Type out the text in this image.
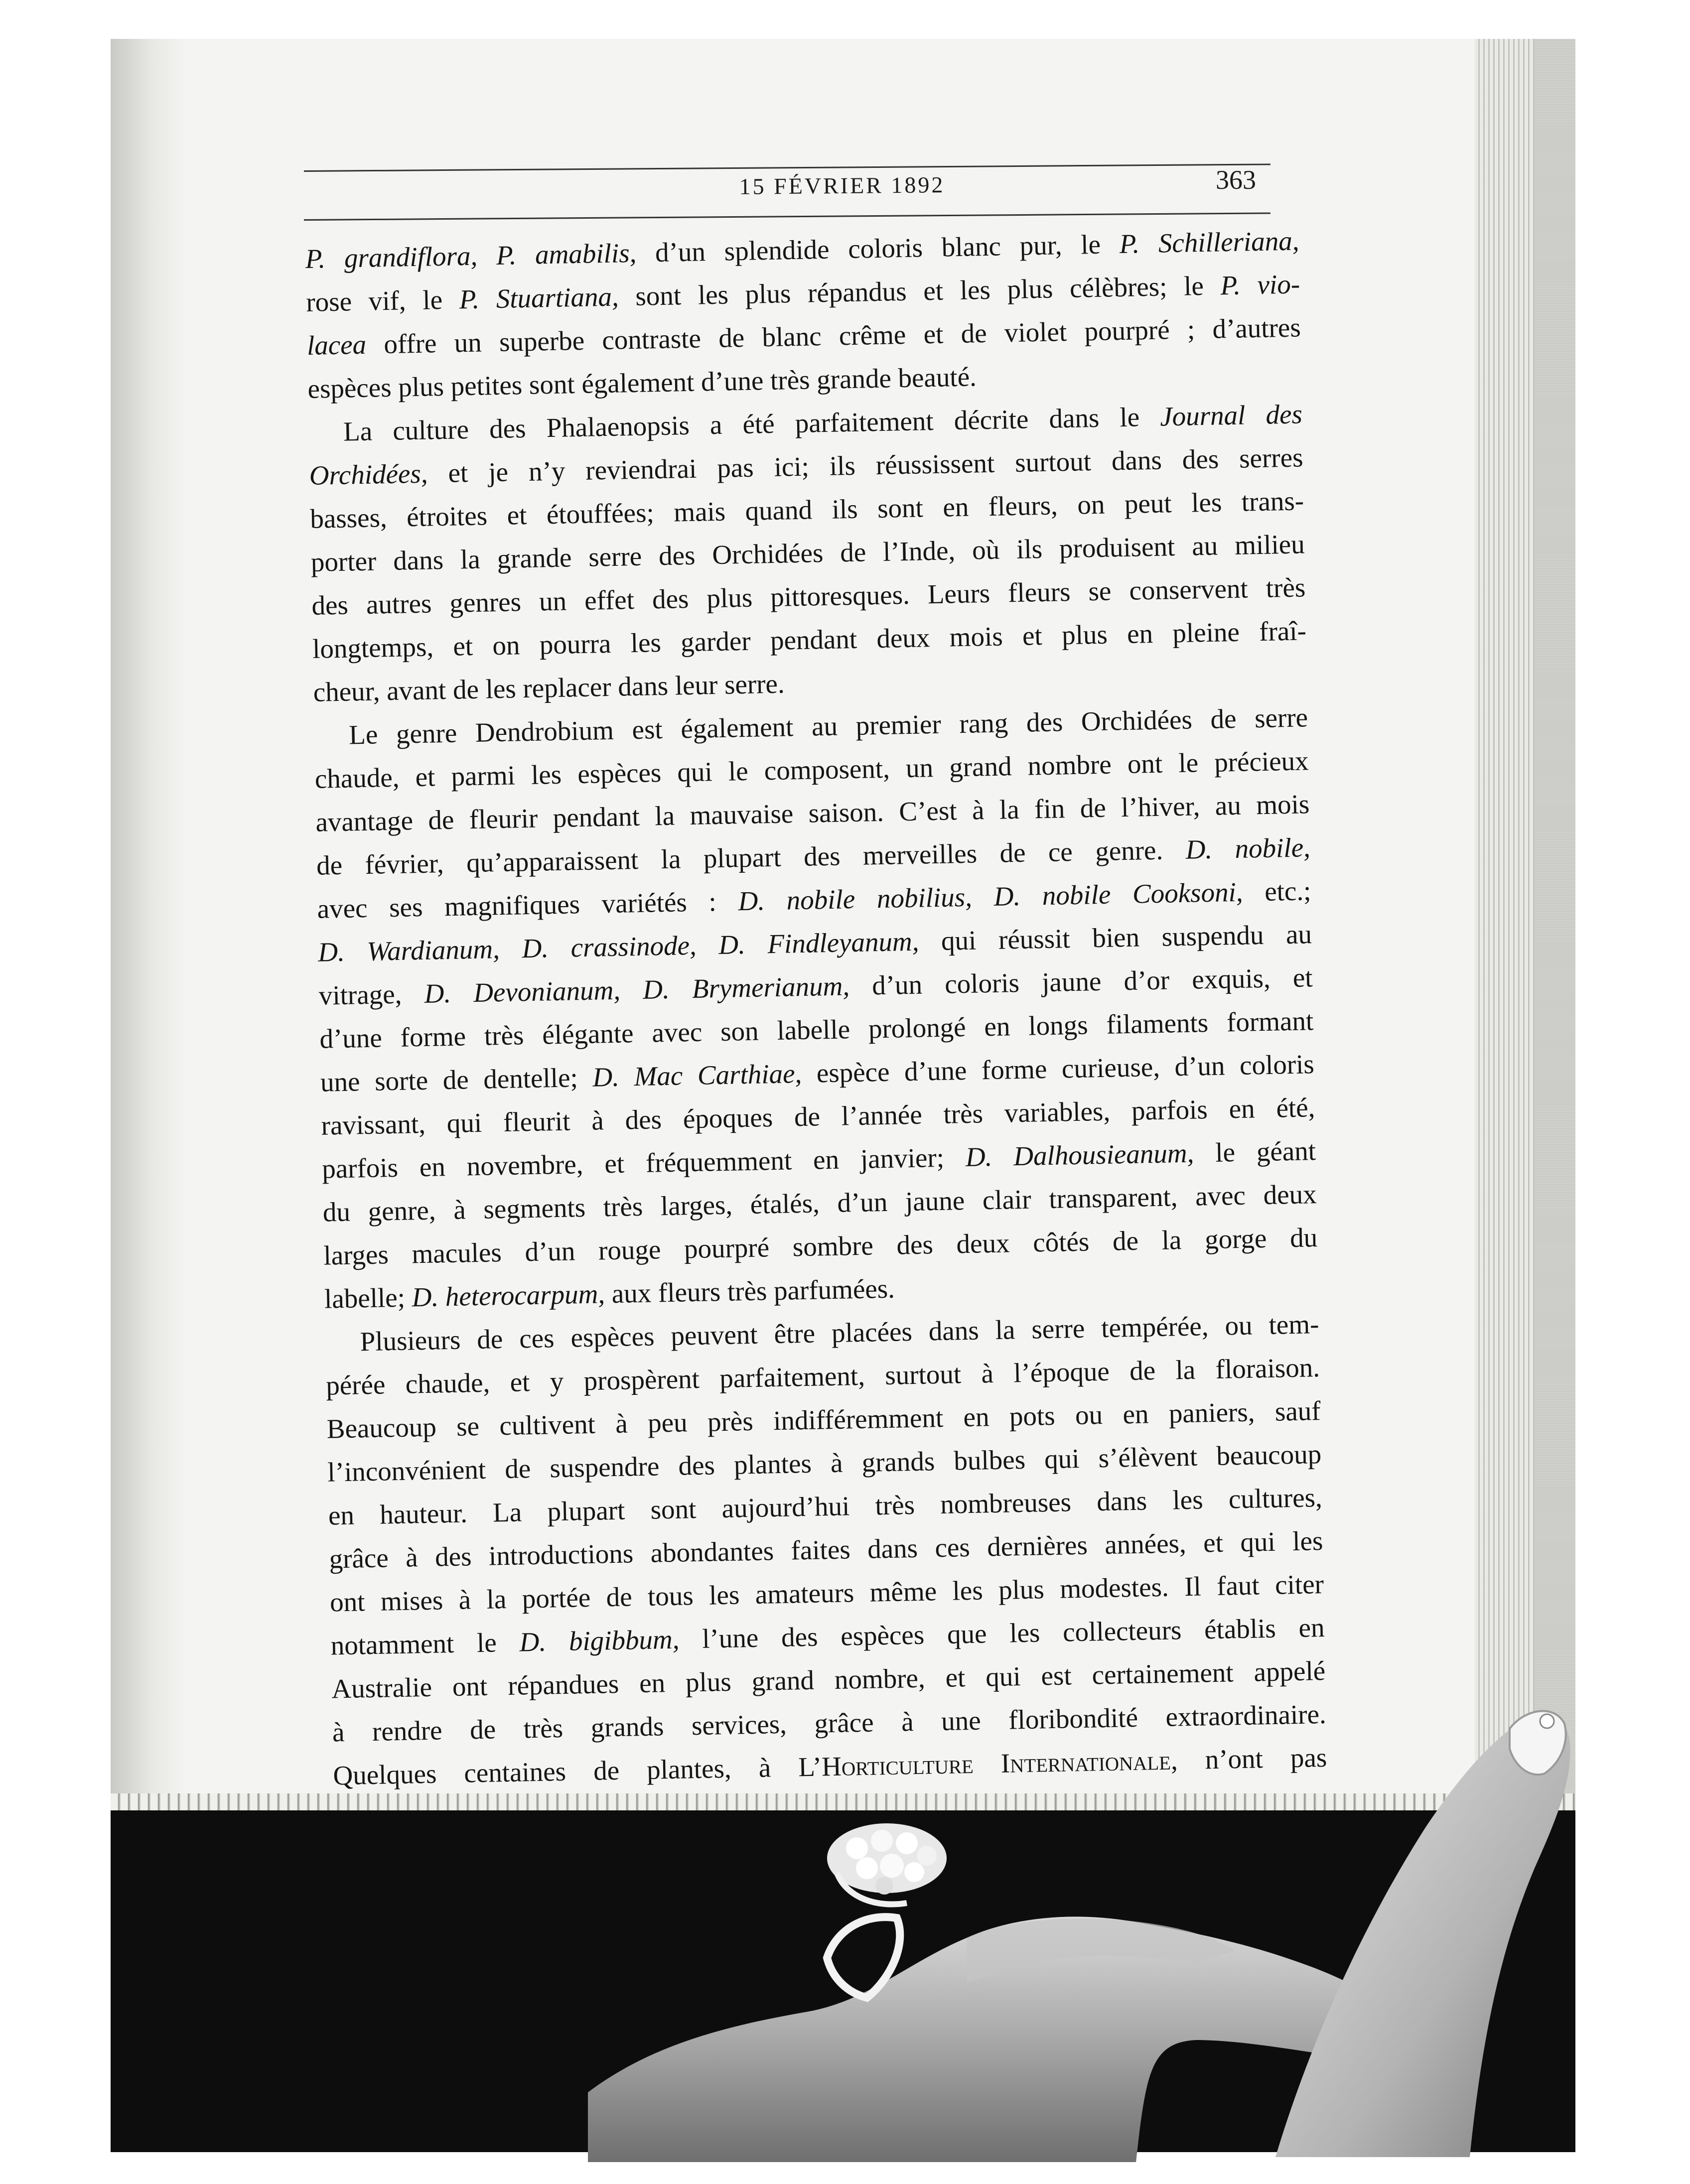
15 FÉVRIER 1892	363
P. grandiflora, P. amabilis, d’un splendide coloris blanc pur, le P. Schilleriana,
rose vif, le P. Stuartiana, sont les plus répandus et les plus célèbres; le P. vio-
lacea offre un superbe contraste de blanc crême et de violet pourpré ; d’autres
espèces plus petites sont également d’une très grande beauté.
La culture des Phalaenopsis a été parfaitement décrite dans le Journal des
Orchidées, et je n’y reviendrai pas ici; ils réussissent surtout dans des serres
basses, étroites et étouffées; mais quand ils sont en fleurs, on peut les trans-
porter dans la grande serre des Orchidées de l’Inde, où ils produisent au milieu
des autres genres un effet des plus pittoresques. Leurs fleurs se conservent très
longtemps, et on pourra les garder pendant deux mois et plus en pleine fraî-
cheur, avant de les replacer dans leur serre.
Le genre Dendrobium est également au premier rang des Orchidées de serre
chaude, et parmi les espèces qui le composent, un grand nombre ont le précieux
avantage de fleurir pendant la mauvaise saison. C’est à la fin de l’hiver, au mois
de février, qu’apparaissent la plupart des merveilles de ce genre. D. nobile,
avec ses magnifiques variétés : D. nobile nobilius, D. nobile Cooksoni, etc.;
D. Wardianum, D. crassinode, D. Findleyanum, qui réussit bien suspendu au
vitrage, D. Devonianum, D. Brymerianum, d’un coloris jaune d’or exquis, et
d’une forme très élégante avec son labelle prolongé en longs filaments formant
une sorte de dentelle; D. Mac Carthiae, espèce d’une forme curieuse, d’un coloris
ravissant, qui fleurit à des époques de l’année très variables, parfois en été,
parfois en novembre, et fréquemment en janvier; D. Dalhousieanum, le géant
du genre, à segments très larges, étalés, d’un jaune clair transparent, avec deux
larges macules d’un rouge pourpré sombre des deux côtés de la gorge du
labelle; D. heterocarpum, aux fleurs très parfumées.
Plusieurs de ces espèces peuvent être placées dans la serre tempérée, ou tem-
pérée chaude, et y prospèrent parfaitement, surtout à l’époque de la floraison.
Beaucoup se cultivent à peu près indifféremment en pots ou en paniers, sauf
l’inconvénient de suspendre des plantes à grands bulbes qui s’élèvent beaucoup
en hauteur. La plupart sont aujourd’hui très nombreuses dans les cultures,
grâce à des introductions abondantes faites dans ces dernières années, et qui les
ont mises à la portée de tous les amateurs même les plus modestes. Il faut citer
notamment le D. bigibbum, l’une des espèces que les collecteurs établis en
Australie ont répandues en plus grand nombre, et qui est certainement appelé
à rendre de très grands services, grâce à une floribondité extraordinaire.
Quelques centaines de plantes, à L’Horticulture Internationale, n’ont pas
